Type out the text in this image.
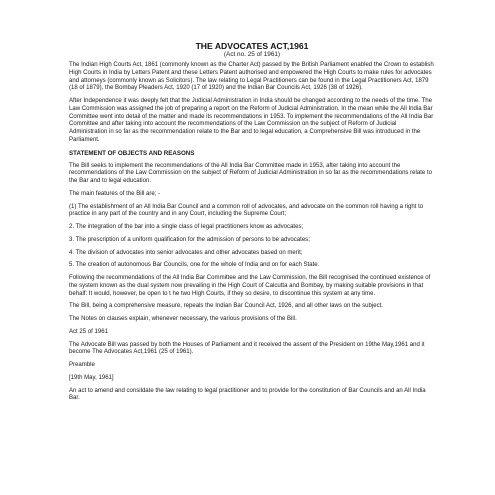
THE ADVOCATES ACT,1961
(Act no. 25 of 1961)

The Indian High Courts Act, 1861 (commonly known as the Charter Act) passed by the British Parliament enabled the Crown to establish High Courts in India by Letters Patent and these Letters Patent authorised and empowered the High Courts to make rules for advocates and attorneys (commonly known as Solicitors). The law relating to Legal Practitioners can be found in the Legal Practitioners Act, 1879 (18 of 1879), the Bombay Pleaders Act, 1920 (17 of 1920) and the Indian Bar Councils Act, 1926 (38 of 1926).

After Independence it was deeply felt that the Judicial Administration in India should be changed according to the needs of the time. The Law Commission was assigned the job of preparing a report on the Reform of Judicial Administration. In the mean while the All India Bar Committee went into detail of the matter and made its recommendations in 1953. To implement the recommendations of the All India Bar Committee and after taking into account the recommendations of the Law Commission on the subject of Reform of Judicial Administration in so far as the recommendation relate to the Bar and to legal education, a Comprehensive Bill was introduced in the Parliament.

STATEMENT OF OBJECTS AND REASONS

The Bill seeks to implement the recommendations of the All India Bar Committee made in 1953, after taking into account the recommendations of the Law Commission on the subject of Reform of Judicial Administration in so far as the recommendations relate to the Bar and to legal education.

The main features of the Bill are; -

(1) The establishment of an All India Bar Council and a common roll of advocates, and advocate on the common roll having a right to practice in any part of the country and in any Court, including the Supreme Court;

2. The integration of the bar into a single class of legal practitioners know as advocates;

3. The prescription of a uniform qualification for the admission of persons to be advocates;

4. The division of advocates into senior advocates and other advocates based on merit;

5. The creation of autonomous Bar Councils, one for the whole of India and on for each State.

Following the recommendations of the All India Bar Committee and the Law Commission, the Bill recognised the continued existence of the system known as the dual system now prevailing in the High Court of Calcutta and Bombay, by making suitable provisions in that behalf: It would, however, be open to t he two High Courts, if they so desire, to discontinue this system at any time.

The Bill, being a comprehensive measure, repeals the Indian Bar Council Act, 1926, and all other laws on the subject.

The Notes on clauses explain, whenever necessary, the various provisions of the Bill.

Act 25 of 1961

The Advocate Bill was passed by both the Houses of Parliament and it received the assent of the President on 19the May,1961 and it become The Advocates Act,1961 (25 of 1961).

Preamble

[19th May, 1961]

An act to amend and consildate the law relating to legal practitioner and to provide for the constitution of Bar Councils and an All India Bar.
